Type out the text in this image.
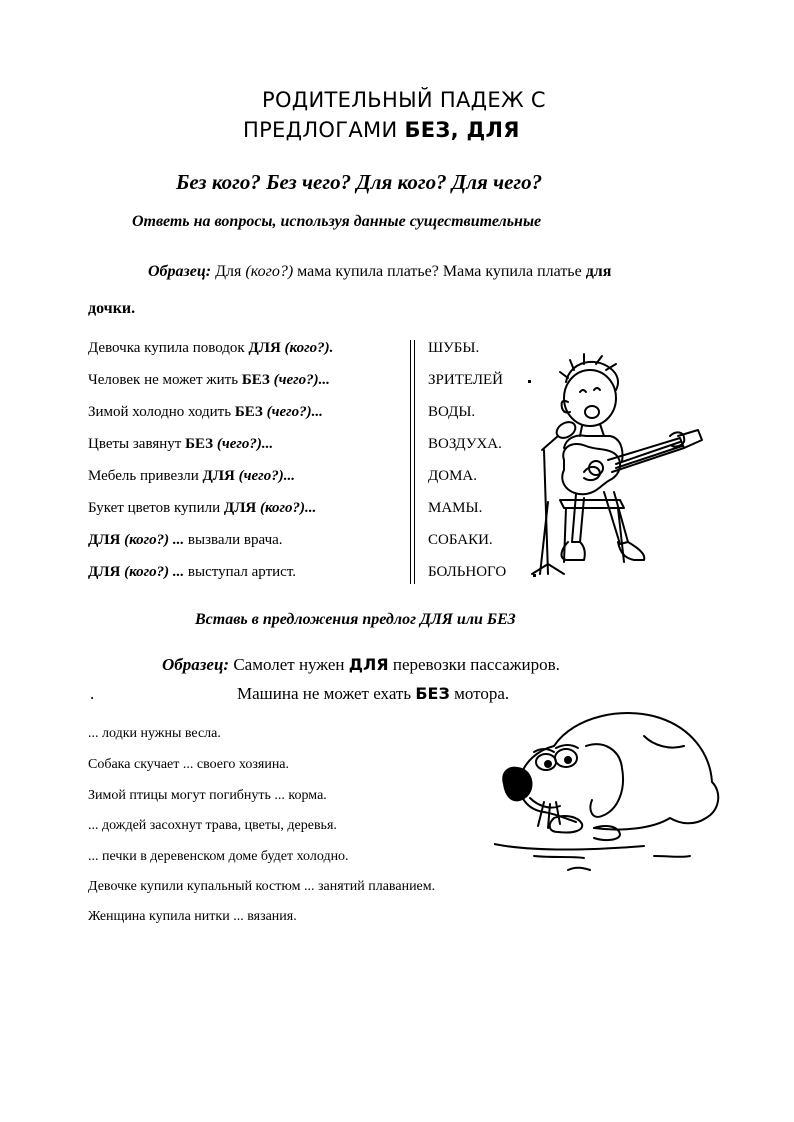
РОДИТЕЛЬНЫЙ ПАДЕЖ С
ПРЕДЛОГАМИ БЕЗ, ДЛЯ
Без кого? Без чего? Для кого? Для чего?
Ответь на вопросы, используя данные существительные
Образец: Для (кого?) мама купила платье? Мама купила платье для
дочки.
Девочка купила поводок ДЛЯ (кого?).
Человек не может жить БЕЗ (чего?)...
Зимой холодно ходить БЕЗ (чего?)...
Цветы завянут БЕЗ (чего?)...
Мебель привезли ДЛЯ (чего?)...
Букет цветов купили ДЛЯ (кого?)...
ДЛЯ (кого?) ... вызвали врача.
ДЛЯ (кого?) ... выступал артист.
ШУБЫ.
ЗРИТЕЛЕЙ
ВОДЫ.
ВОЗДУХА.
ДОМА.
МАМЫ.
СОБАКИ.
БОЛЬНОГО
Вставь в предложения предлог ДЛЯ или БЕЗ
Образец: Самолет нужен ДЛЯ перевозки пассажиров.
.	Машина не может ехать БЕЗ мотора.
... лодки нужны весла.
Собака скучает ... своего хозяина.
Зимой птицы могут погибнуть ... корма.
... дождей засохнут трава, цветы, деревья.
... печки в деревенском доме будет холодно.
Девочке купили купальный костюм ... занятий плаванием.
Женщина купила нитки ... вязания.
